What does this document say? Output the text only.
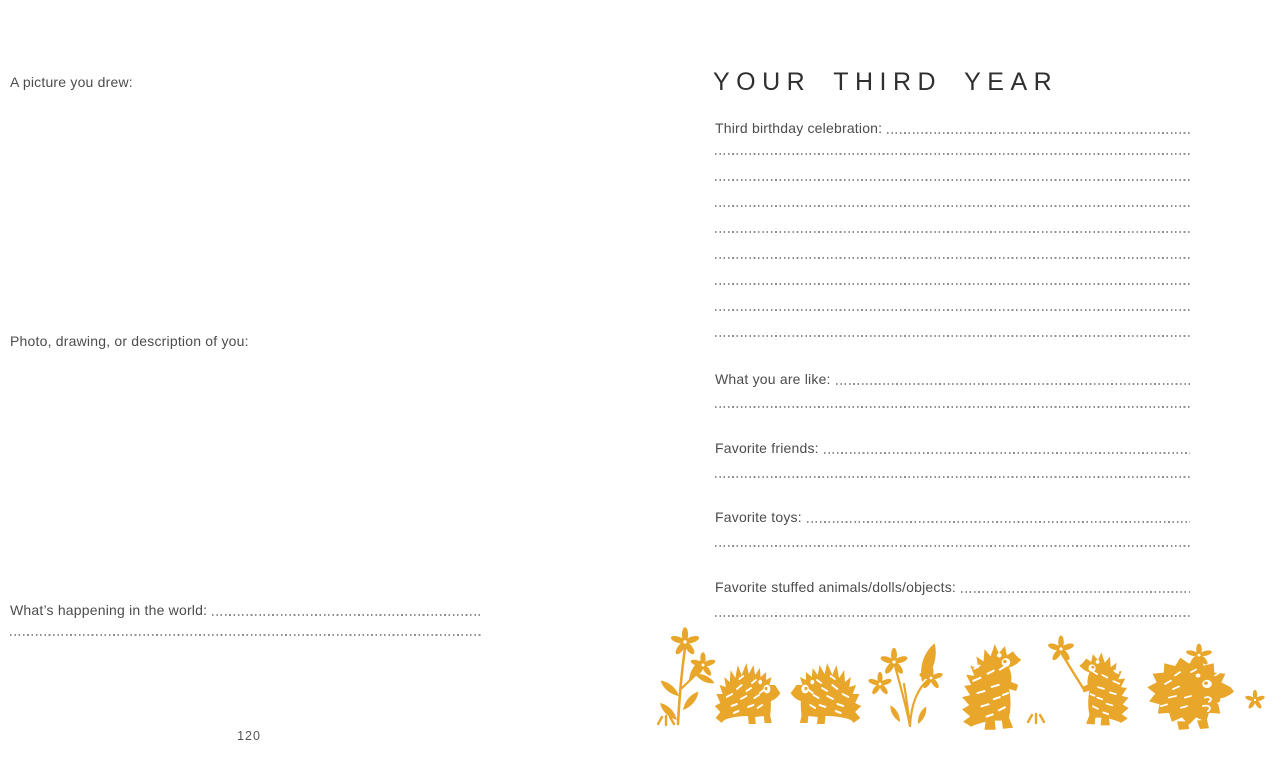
A picture you drew:
Photo, drawing, or description of you:
What’s happening in the world:
120
YOUR THIRD YEAR
Third birthday celebration:
What you are like:
Favorite friends:
Favorite toys:
Favorite stuffed animals/dolls/objects:
